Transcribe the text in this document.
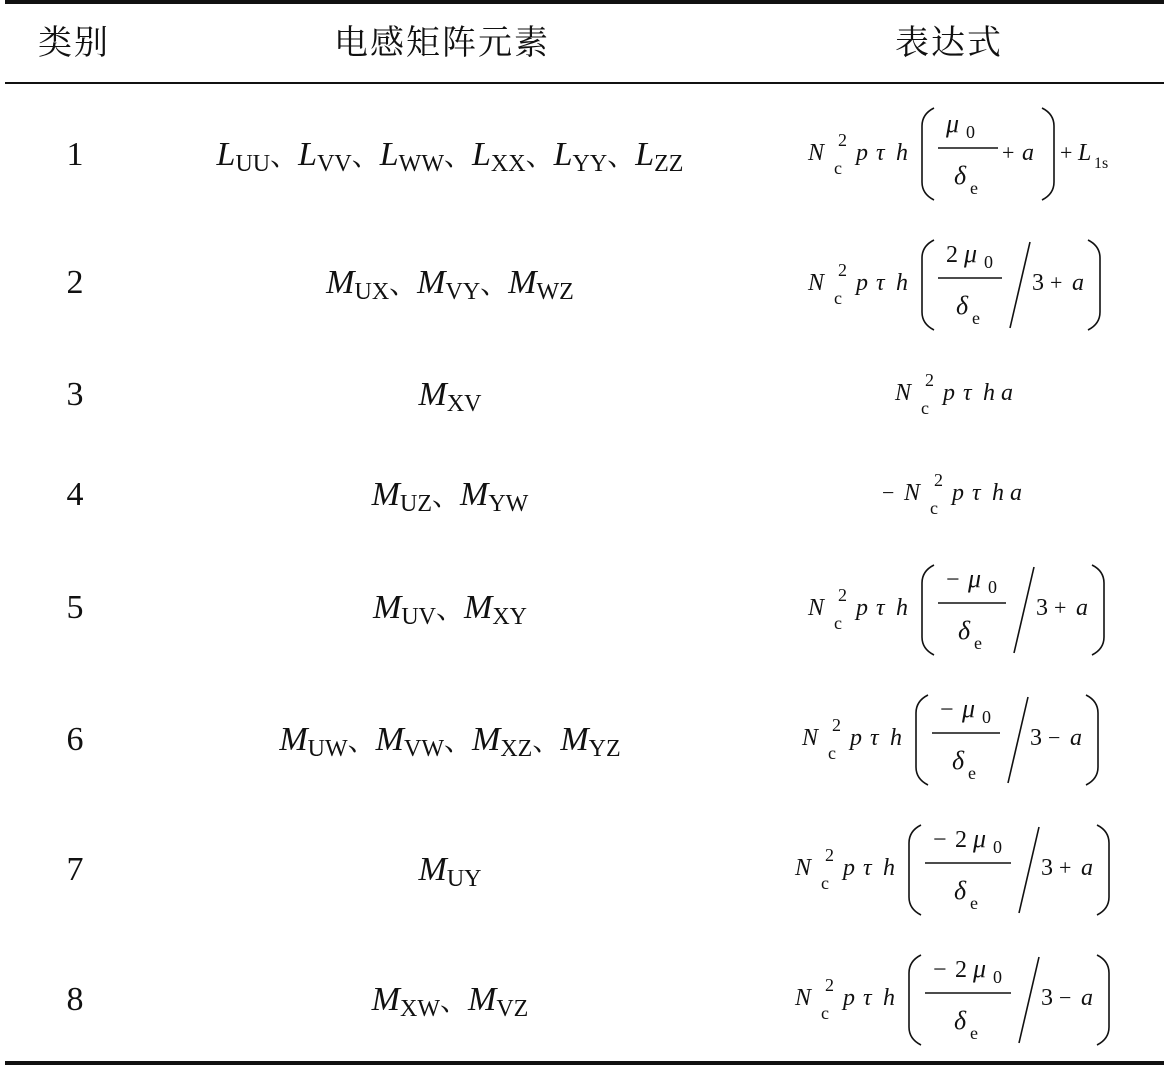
类别	电感矩阵元素	表达式
1	$L_{UU}$、$L_{VV}$、$L_{WW}$、$L_{XX}$、$L_{YY}$、$L_{ZZ}$	N
c
2 p τ h
μ 0
δ e
+ a + L 1s
2	$M_{UX}$、$M_{VY}$、$M_{WZ}$	N
c
2 p τ h
2 μ 0
δ e
3 + a
3	$M_{XV}$	N
c
2 p τ h a
4	$M_{UZ}$、$M_{YW}$	− N
c
2 p τ h a
5	$M_{UV}$、$M_{XY}$	N
c
2 p τ h
− μ 0
δ e
3 + a
6	$M_{UW}$、$M_{VW}$、$M_{XZ}$、$M_{YZ}$	N
c
2 p τ h
− μ 0
δ e
3 − a
7	$M_{UY}$	N
c
2 p τ h
− 2 μ 0
δ e
3 + a
8	$M_{XW}$、$M_{VZ}$	N
c
2 p τ h
− 2 μ 0
δ e
3 − a
